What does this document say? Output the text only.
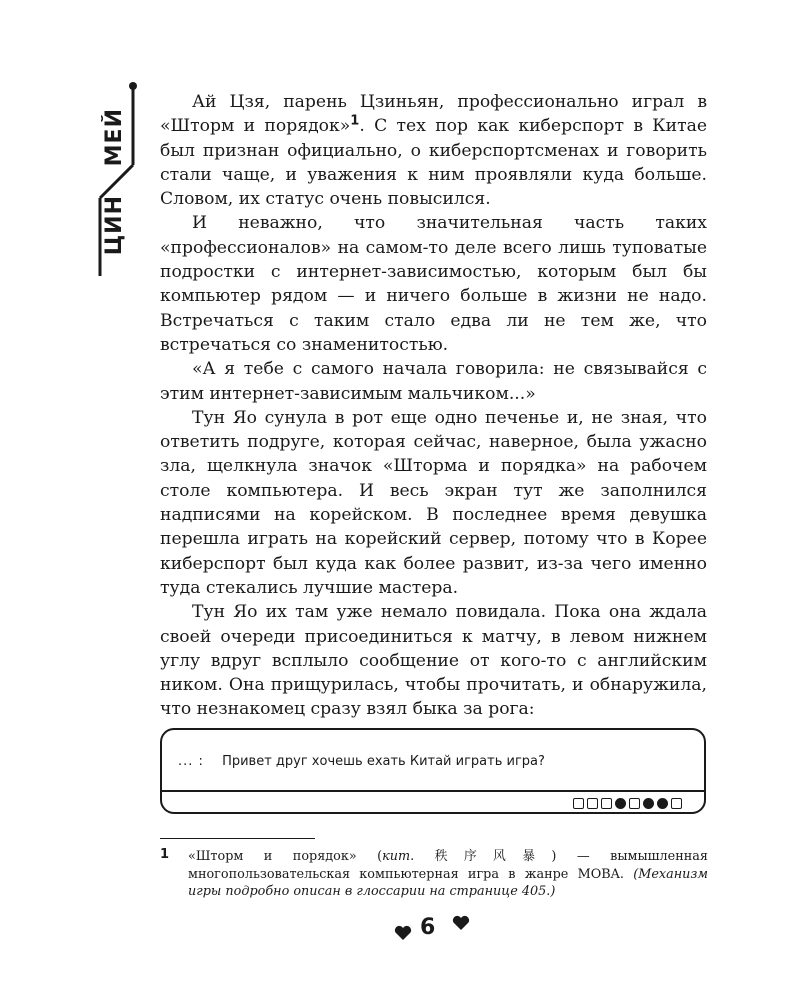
МЕЙ
ЦИН

Ай Цзя, парень Цзиньян, профессионально играл в «Шторм и порядок»$^1$. С тех пор как киберспорт в Китае был признан официально, о киберспортсменах и говорить стали чаще, и уважения к ним проявляли куда больше. Словом, их статус очень повысился.

И неважно, что значительная часть таких «профессионалов» на самом-то деле всего лишь туповатые подростки с интернет-зависимостью, которым был бы компьютер рядом — и ничего больше в жизни не надо. Встречаться с таким стало едва ли не тем же, что встречаться со знаменитостью.

«А я тебе с самого начала говорила: не связывайся с этим интернет-зависимым мальчиком...»

Тун Яо сунула в рот еще одно печенье и, не зная, что ответить подруге, которая сейчас, наверное, была ужасно зла, щелкнула значок «Шторма и порядка» на рабочем столе компьютера. И весь экран тут же заполнился надписями на корейском. В последнее время девушка перешла играть на корейский сервер, потому что в Корее киберспорт был куда как более развит, из-за чего именно туда стекались лучшие мастера.

Тун Яо их там уже немало повидала. Пока она ждала своей очереди присоединиться к матчу, в левом нижнем углу вдруг всплыло сообщение от кого-то с английским ником. Она прищурилась, чтобы прочитать, и обнаружила, что незнакомец сразу взял быка за рога:

... : Привет друг хочешь ехать Китай играть игра?
1 «Шторм и порядок» (кит. 秩序风暴) — вымышленная многопользовательская компьютерная игра в жанре MOBA. (Механизм игры подробно описан в глоссарии на странице 405.)
6
